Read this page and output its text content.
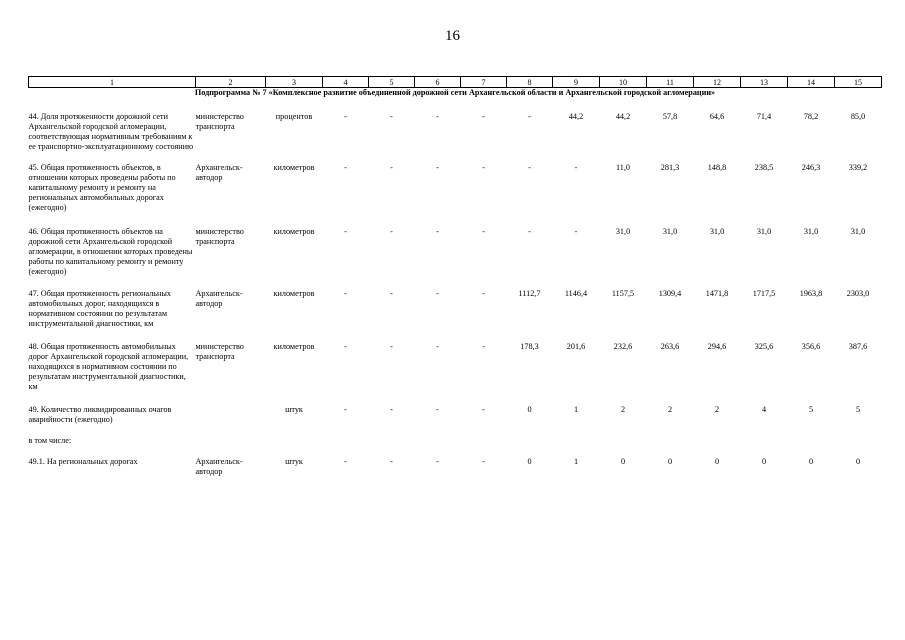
16
1	2	3	4	5	6	7	8	9	10	11	12	13	14	15
Подпрограмма № 7 «Комплексное развитие объединенной дорожной сети Архангельской области и Архангельской городской агломерации»														
44. Доля протяженности дорожной сети Архангельской городской агломерации, соответствующая нормативным требованиям к ее транспортно-эксплуатационному состоянию	министерство транспорта	процентов	-	-	-	-	-	44,2	44,2	57,8	64,6	71,4	78,2	85,0
45. Общая протяженность объектов, в отношении которых проведены работы по капитальному ремонту и ремонту на региональных автомобильных дорогах (ежегодно)	Архангельск-автодор	километров	-	-	-	-	-	-	11,0	281,3	148,8	238,5	246,3	339,2
46. Общая протяженность объектов на дорожной сети Архангельской городской агломерации, в отношении которых проведены работы по капитальному ремонту и ремонту (ежегодно)	министерство транспорта	километров	-	-	-	-	-	-	31,0	31,0	31,0	31,0	31,0	31,0
47. Общая протяженность региональных автомобильных дорог, находящихся в нормативном состоянии по результатам инструментальной диагностики, км	Архангельск-автодор	километров	-	-	-	-	1112,7	1146,4	1157,5	1309,4	1471,8	1717,5	1963,8	2303,0
48. Общая протяженность автомобильных дорог Архангельской городской агломерации, находящихся в нормативном состоянии по результатам инструментальной диагностики, км	министерство транспорта	километров	-	-	-	-	178,3	201,6	232,6	263,6	294,6	325,6	356,6	387,6
49. Количество ликвидированных очагов аварийности (ежегодно)		штук	-	-	-	-	0	1	2	2	2	4	5	5
в том числе:														
49.1. На региональных дорогах	Архангельск-автодор	штук	-	-	-	-	0	1	0	0	0	0	0	0
